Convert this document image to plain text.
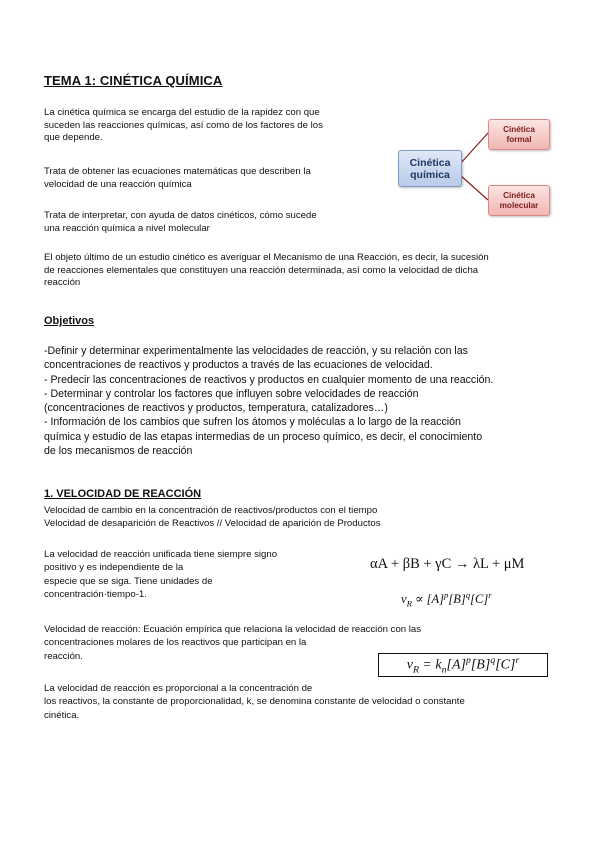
TEMA 1: CINÉTICA QUÍMICA
La cinética química se encarga del estudio de la rapidez con que
suceden las reacciones químicas, así como de los factores de los
que depende.
Trata de obtener las ecuaciones matemáticas que describen la
velocidad de una reacción química
Trata de interpretar, con ayuda de datos cinéticos, cómo sucede
una reacción química a nivel molecular
El objeto último de un estudio cinético es averiguar el Mecanismo de una Reacción, es decir, la sucesión
de reacciones elementales que constituyen una reacción determinada, así como la velocidad de dicha
reacción
Cinética
química
Cinética
formal
Cinética
molecular
Objetivos
-Definir y determinar experimentalmente las velocidades de reacción, y su relación con las
concentraciones de reactivos y productos a través de las ecuaciones de velocidad.
- Predecir las concentraciones de reactivos y productos en cualquier momento de una reacción.
- Determinar y controlar los factores que influyen sobre velocidades de reacción
(concentraciones de reactivos y productos, temperatura, catalizadores…)
- Información de los cambios que sufren los átomos y moléculas a lo largo de la reacción
química y estudio de las etapas intermedias de un proceso químico, es decir, el conocimiento
de los mecanismos de reacción
1. VELOCIDAD DE REACCIÓN
Velocidad de cambio en la concentración de reactivos/productos con el tiempo
Velocidad de desaparición de Reactivos // Velocidad de aparición de Productos
La velocidad de reacción unificada tiene siempre signo
positivo y es independiente de la
especie que se siga. Tiene unidades de
concentración·tiempo-1.
Velocidad de reacción: Ecuación empírica que relaciona la velocidad de reacción con las
concentraciones molares de los reactivos que participan en la
reacción.
La velocidad de reacción es proporcional a la concentración de
los reactivos, la constante de proporcionalidad, k, se denomina constante de velocidad o constante
cinética.
αA + βB + γC → λL + μM
$v_R \propto [A]^p[B]^q[C]^r$
$v_R = k_n[A]^p[B]^q[C]^r$
